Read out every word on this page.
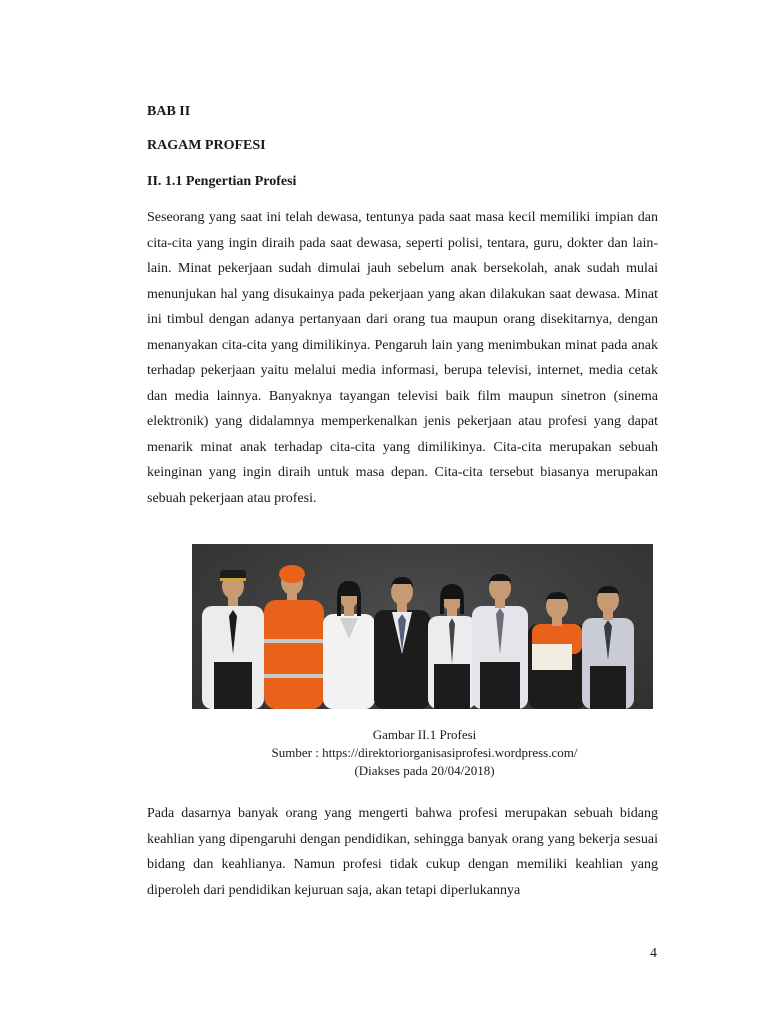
BAB II

RAGAM PROFESI

II. 1.1 Pengertian Profesi

Seseorang yang saat ini telah dewasa, tentunya pada saat masa kecil memiliki impian dan cita-cita yang ingin diraih pada saat dewasa, seperti polisi, tentara, guru, dokter dan lain-lain. Minat pekerjaan sudah dimulai jauh sebelum anak bersekolah, anak sudah mulai menunjukan hal yang disukainya pada pekerjaan yang akan dilakukan saat dewasa. Minat ini timbul dengan adanya pertanyaan dari orang tua maupun orang disekitarnya, dengan menanyakan cita-cita yang dimilikinya. Pengaruh lain yang menimbukan minat pada anak terhadap pekerjaan yaitu melalui media informasi, berupa televisi, internet, media cetak dan media lainnya. Banyaknya tayangan televisi baik film maupun sinetron (sinema elektronik) yang didalamnya memperkenalkan jenis pekerjaan atau profesi yang dapat menarik minat anak terhadap cita-cita yang dimilikinya. Cita-cita merupakan sebuah keinginan yang ingin diraih untuk masa depan. Cita-cita tersebut biasanya merupakan sebuah pekerjaan atau profesi.

Gambar II.1 Profesi

Sumber : https://direktoriorganisasiprofesi.wordpress.com/

(Diakses pada 20/04/2018)

Pada dasarnya banyak orang yang mengerti bahwa profesi merupakan sebuah bidang keahlian yang dipengaruhi dengan pendidikan, sehingga banyak orang yang bekerja sesuai bidang dan keahlianya. Namun profesi tidak cukup dengan memiliki keahlian yang diperoleh dari pendidikan kejuruan saja, akan tetapi diperlukannya

4
